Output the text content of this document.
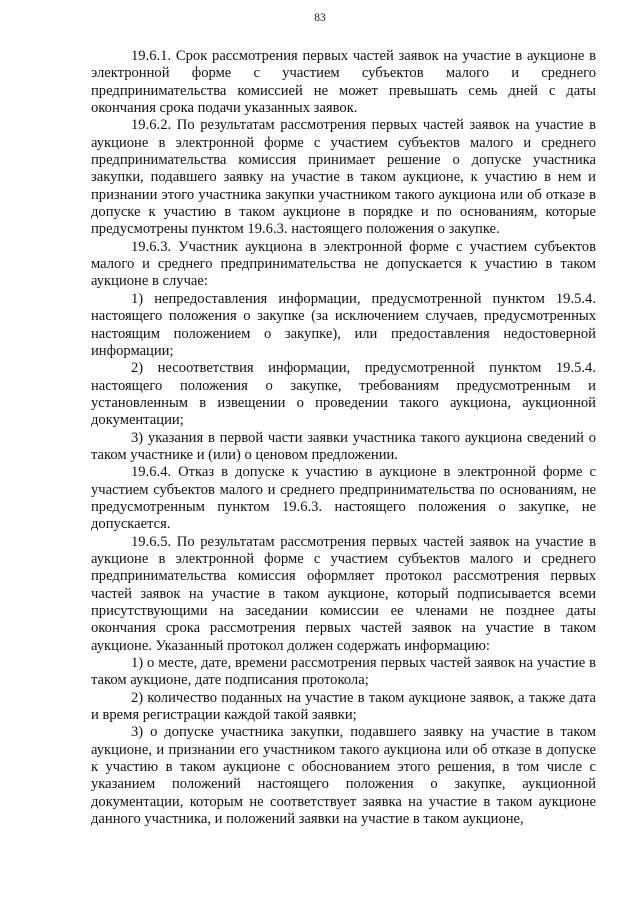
83

19.6.1. Срок рассмотрения первых частей заявок на участие в аукционе в электронной форме с участием субъектов малого и среднего предпринимательства комиссией не может превышать семь дней с даты окончания срока подачи указанных заявок.

19.6.2. По результатам рассмотрения первых частей заявок на участие в аукционе в электронной форме с участием субъектов малого и среднего предпринимательства комиссия принимает решение о допуске участника закупки, подавшего заявку на участие в таком аукционе, к участию в нем и признании этого участника закупки участником такого аукциона или об отказе в допуске к участию в таком аукционе в порядке и по основаниям, которые предусмотрены пунктом 19.6.3. настоящего положения о закупке.

19.6.3. Участник аукциона в электронной форме с участием субъектов малого и среднего предпринимательства не допускается к участию в таком аукционе в случае:

1) непредоставления информации, предусмотренной пунктом 19.5.4. настоящего положения о закупке (за исключением случаев, предусмотренных настоящим положением о закупке), или предоставления недостоверной информации;

2) несоответствия информации, предусмотренной пунктом 19.5.4. настоящего положения о закупке, требованиям предусмотренным и установленным в извещении о проведении такого аукциона, аукционной документации;

3) указания в первой части заявки участника такого аукциона сведений о таком участнике и (или) о ценовом предложении.

19.6.4. Отказ в допуске к участию в аукционе в электронной форме с участием субъектов малого и среднего предпринимательства по основаниям, не предусмотренным пунктом 19.6.3. настоящего положения о закупке, не допускается.

19.6.5. По результатам рассмотрения первых частей заявок на участие в аукционе в электронной форме с участием субъектов малого и среднего предпринимательства комиссия оформляет протокол рассмотрения первых частей заявок на участие в таком аукционе, который подписывается всеми присутствующими на заседании комиссии ее членами не позднее даты окончания срока рассмотрения первых частей заявок на участие в таком аукционе. Указанный протокол должен содержать информацию:

1) о месте, дате, времени рассмотрения первых частей заявок на участие в таком аукционе, дате подписания протокола;

2) количество поданных на участие в таком аукционе заявок, а также дата и время регистрации каждой такой заявки;

3) о допуске участника закупки, подавшего заявку на участие в таком аукционе, и признании его участником такого аукциона или об отказе в допуске к участию в таком аукционе с обоснованием этого решения, в том числе с указанием положений настоящего положения о закупке, аукционной документации, которым не соответствует заявка на участие в таком аукционе данного участника, и положений заявки на участие в таком аукционе,
